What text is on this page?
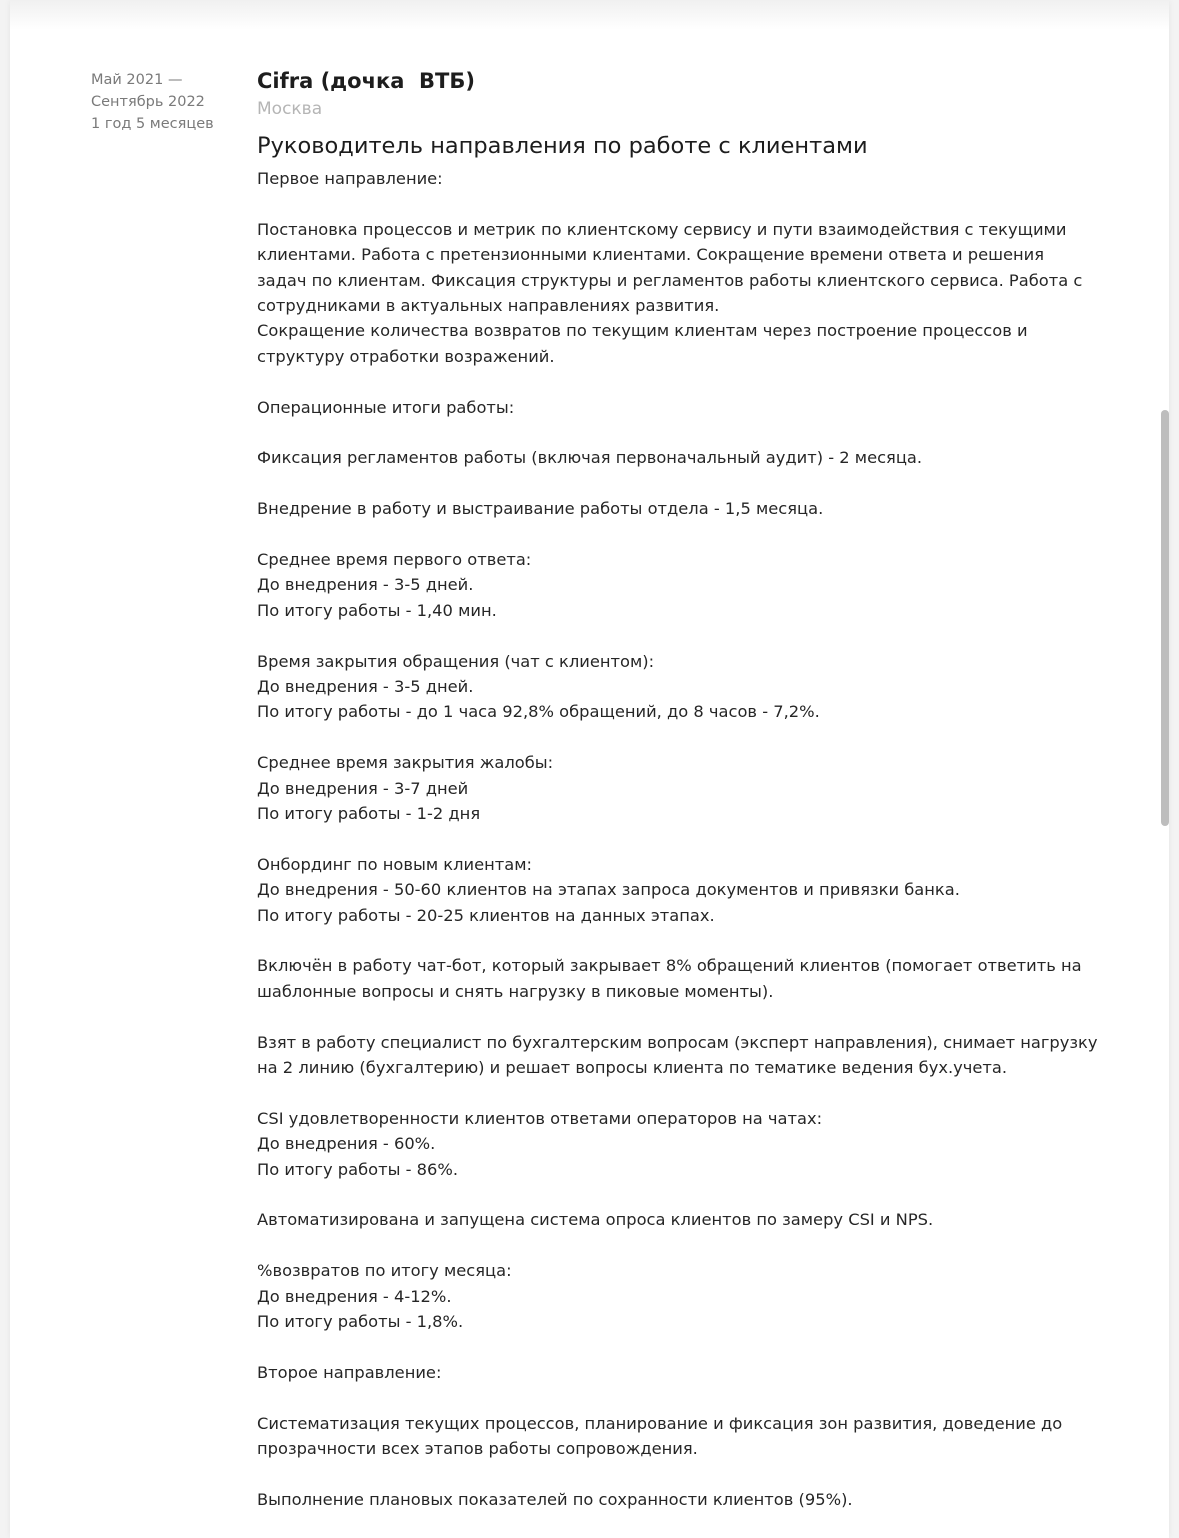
Май 2021 —
Сентябрь 2022
1 год 5 месяцев
Cifra (дочка  ВТБ)
Москва
Руководитель направления по работе с клиентами
Первое направление:
Постановка процессов и метрик по клиентскому сервису и пути взаимодействия с текущими
клиентами. Работа с претензионными клиентами. Сокращение времени ответа и решения
задач по клиентам. Фиксация структуры и регламентов работы клиентского сервиса. Работа с
сотрудниками в актуальных направлениях развития.
Сокращение количества возвратов по текущим клиентам через построение процессов и
структуру отработки возражений.
Операционные итоги работы:
Фиксация регламентов работы (включая первоначальный аудит) - 2 месяца.
Внедрение в работу и выстраивание работы отдела - 1,5 месяца.
Среднее время первого ответа:
До внедрения - 3-5 дней.
По итогу работы - 1,40 мин.
Время закрытия обращения (чат с клиентом):
До внедрения - 3-5 дней.
По итогу работы - до 1 часа 92,8% обращений, до 8 часов - 7,2%.
Среднее время закрытия жалобы:
До внедрения - 3-7 дней
По итогу работы - 1-2 дня
Онбординг по новым клиентам:
До внедрения - 50-60 клиентов на этапах запроса документов и привязки банка.
По итогу работы - 20-25 клиентов на данных этапах.
Включён в работу чат-бот, который закрывает 8% обращений клиентов (помогает ответить на
шаблонные вопросы и снять нагрузку в пиковые моменты).
Взят в работу специалист по бухгалтерским вопросам (эксперт направления), снимает нагрузку
на 2 линию (бухгалтерию) и решает вопросы клиента по тематике ведения бух.учета.
CSI удовлетворенности клиентов ответами операторов на чатах:
До внедрения - 60%.
По итогу работы - 86%.
Автоматизирована и запущена система опроса клиентов по замеру CSI и NPS.
%возвратов по итогу месяца:
До внедрения - 4-12%.
По итогу работы - 1,8%.
Второе направление:
Систематизация текущих процессов, планирование и фиксация зон развития, доведение до
прозрачности всех этапов работы сопровождения.
Выполнение плановых показателей по сохранности клиентов (95%).
